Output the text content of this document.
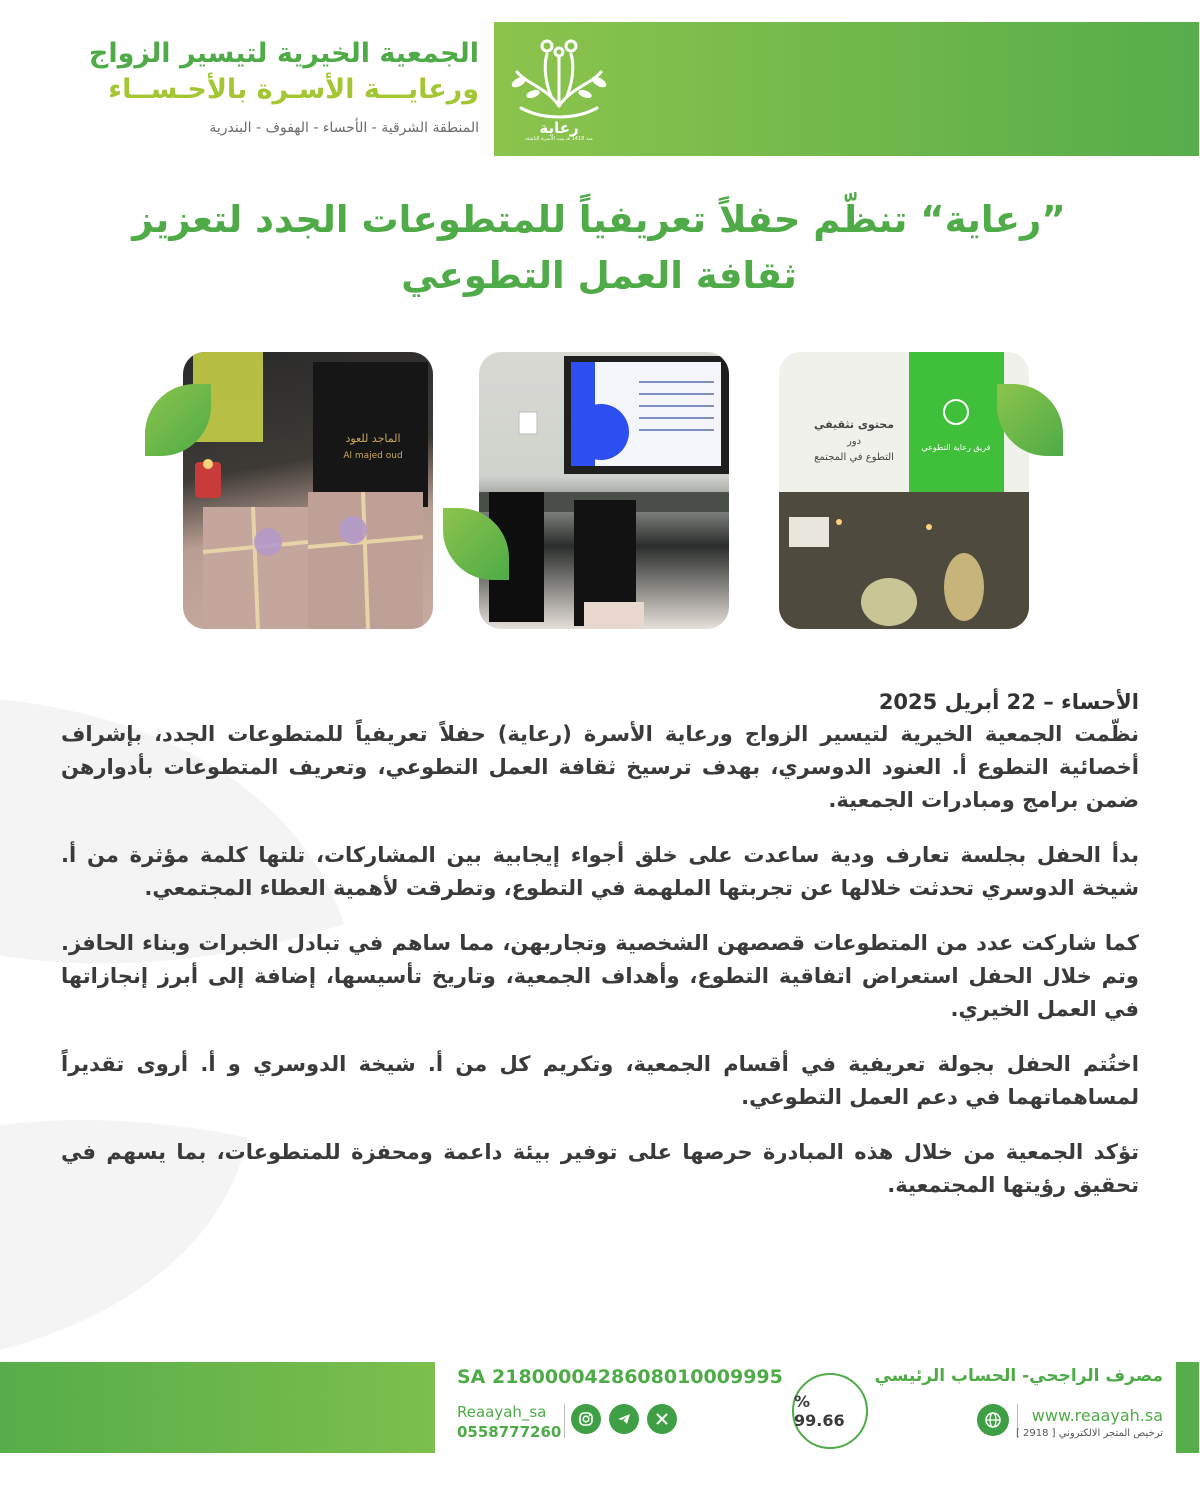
رعاية
منذ 1418 هـ بيت الأسرة الناشئة
الجمعية الخيرية لتيسير الزواج
ورعايـــة الأسـرة بالأحـســاء
المنطقة الشرقية - الأحساء - الهفوف - البندرية
”رعاية“ تنظّم حفلاً تعريفياً للمتطوعات الجدد لتعزيز
ثقافة العمل التطوعي
الماجد للعود
Al majed oud
محتوى تثقيفي
دور
التطوع في المجتمع
فريق رعاية التطوعي
الأحساء – 22 أبريل 2025

نظّمت الجمعية الخيرية لتيسير الزواج ورعاية الأسرة (رعاية) حفلاً تعريفياً للمتطوعات الجدد، بإشراف أخصائية التطوع أ. العنود الدوسري، بهدف ترسيخ ثقافة العمل التطوعي، وتعريف المتطوعات بأدوارهن ضمن برامج ومبادرات الجمعية.

بدأ الحفل بجلسة تعارف ودية ساعدت على خلق أجواء إيجابية بين المشاركات، تلتها كلمة مؤثرة من أ. شيخة الدوسري تحدثت خلالها عن تجربتها الملهمة في التطوع، وتطرقت لأهمية العطاء المجتمعي.

كما شاركت عدد من المتطوعات قصصهن الشخصية وتجاربهن، مما ساهم في تبادل الخبرات وبناء الحافز. وتم خلال الحفل استعراض اتفاقية التطوع، وأهداف الجمعية، وتاريخ تأسيسها، إضافة إلى أبرز إنجازاتها في العمل الخيري.

اختُتم الحفل بجولة تعريفية في أقسام الجمعية، وتكريم كل من أ. شيخة الدوسري و أ. أروى تقديراً لمساهماتهما في دعم العمل التطوعي.

تؤكد الجمعية من خلال هذه المبادرة حرصها على توفير بيئة داعمة ومحفزة للمتطوعات، بما يسهم في تحقيق رؤيتها المجتمعية.

SA 2180000428608010009995
Reaayah_sa
0558777260
% 99.66
مصرف الراجحي- الحساب الرئيسي
www.reaayah.sa
ترخيص المتجر الالكتروني [ 2918 ]
